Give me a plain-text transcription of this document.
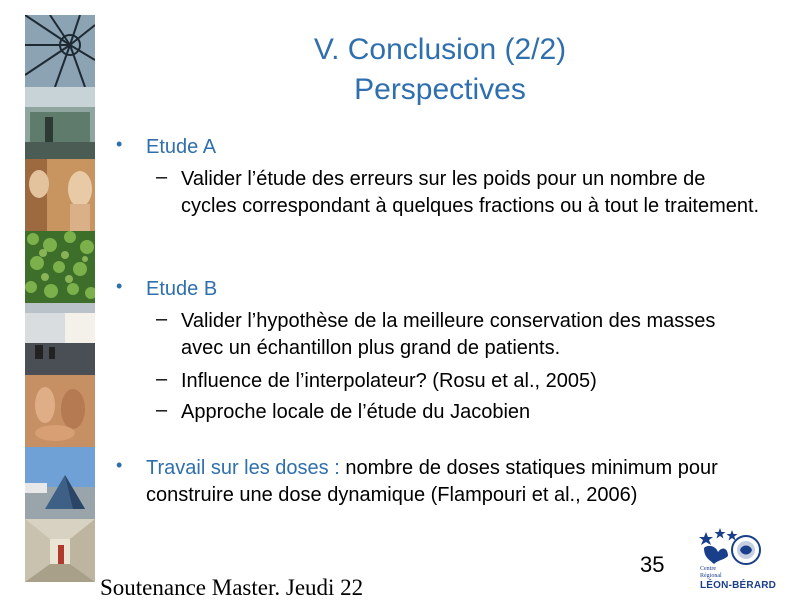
V. Conclusion (2/2)
Perspectives
• Etude A
– Valider l’étude des erreurs sur les poids pour un nombre de cycles correspondant à quelques fractions ou à tout le traitement.
• Etude B
– Valider l’hypothèse de la meilleure conservation des masses avec un échantillon plus grand de patients.
– Influence de l’interpolateur? (Rosu et al., 2005)
– Approche locale de l’étude du Jacobien
• Travail sur les doses : nombre de doses statiques minimum pour construire une dose dynamique (Flampouri et al., 2006)
35
Soutenance Master. Jeudi 22
Centre Régional
LÉON-BÉRARD
